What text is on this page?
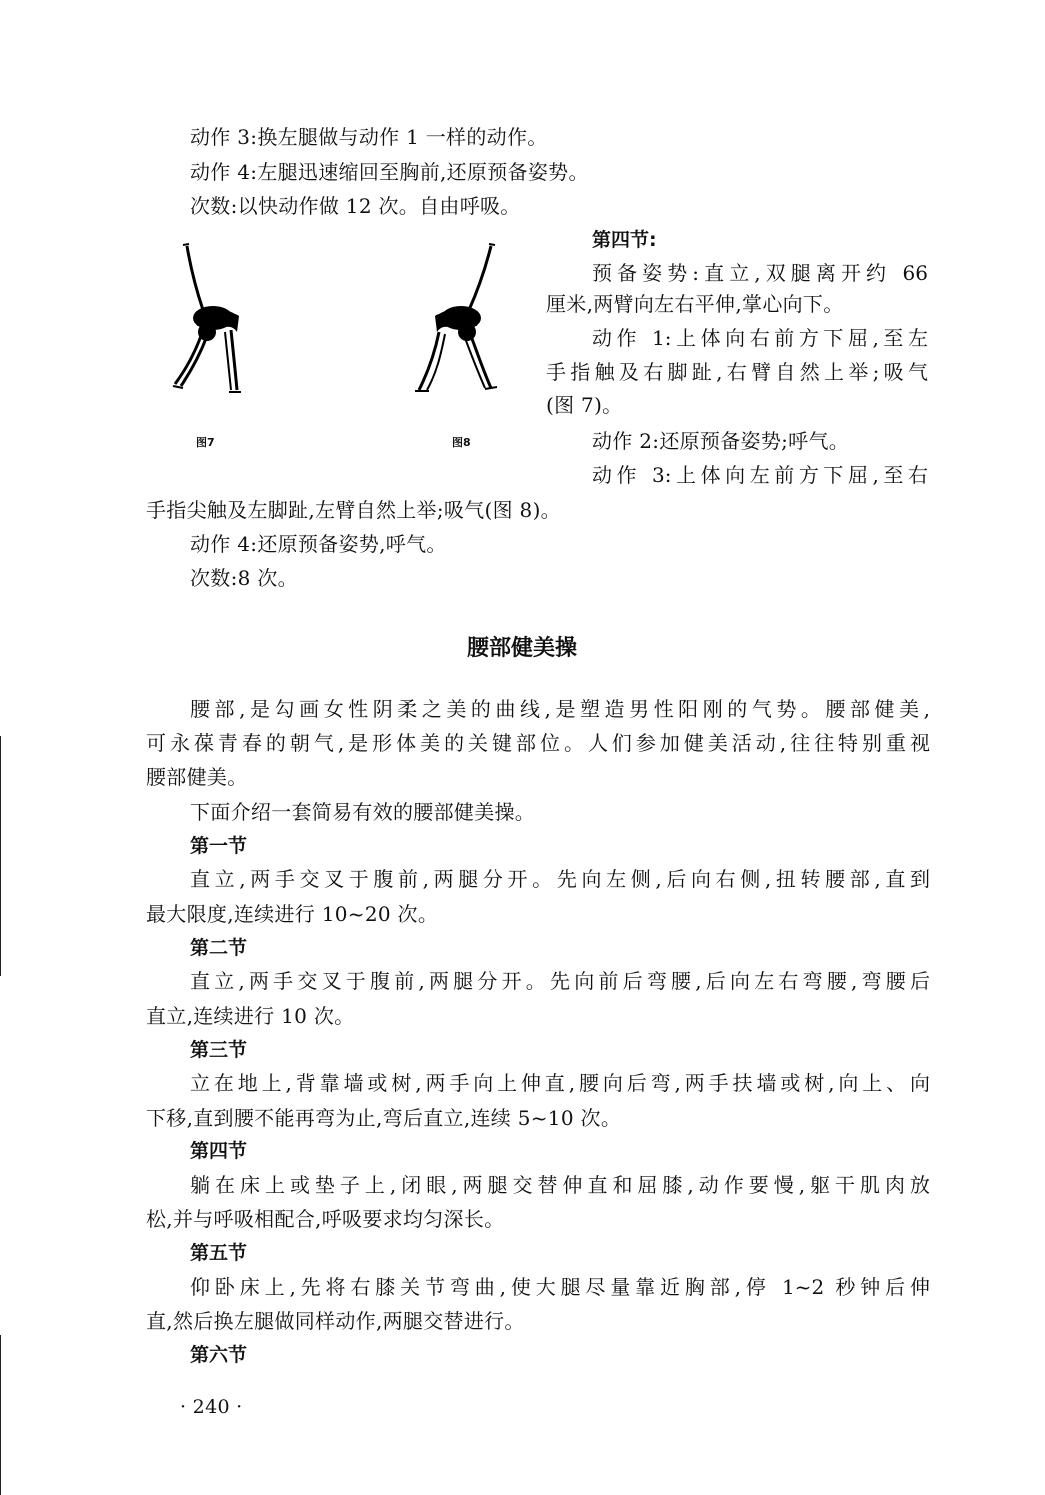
动作 3:换左腿做与动作 1 一样的动作。
动作 4:左腿迅速缩回至胸前,还原预备姿势。
次数:以快动作做 12 次。自由呼吸。
图7	图8
第四节:
预备姿势:直立,双腿离开约 66
厘米,两臂向左右平伸,掌心向下。
动作 1:上体向右前方下屈,至左
手指触及右脚趾,右臂自然上举;吸气
(图 7)。
动作 2:还原预备姿势;呼气。
动作 3:上体向左前方下屈,至右
手指尖触及左脚趾,左臂自然上举;吸气(图 8)。
动作 4:还原预备姿势,呼气。
次数:8 次。
腰部健美操
腰部,是勾画女性阴柔之美的曲线,是塑造男性阳刚的气势。腰部健美,
可永葆青春的朝气,是形体美的关键部位。人们参加健美活动,往往特别重视
腰部健美。
下面介绍一套简易有效的腰部健美操。
第一节
直立,两手交叉于腹前,两腿分开。先向左侧,后向右侧,扭转腰部,直到
最大限度,连续进行 10~20 次。
第二节
直立,两手交叉于腹前,两腿分开。先向前后弯腰,后向左右弯腰,弯腰后
直立,连续进行 10 次。
第三节
立在地上,背靠墙或树,两手向上伸直,腰向后弯,两手扶墙或树,向上、向
下移,直到腰不能再弯为止,弯后直立,连续 5~10 次。
第四节
躺在床上或垫子上,闭眼,两腿交替伸直和屈膝,动作要慢,躯干肌肉放
松,并与呼吸相配合,呼吸要求均匀深长。
第五节
仰卧床上,先将右膝关节弯曲,使大腿尽量靠近胸部,停 1~2 秒钟后伸
直,然后换左腿做同样动作,两腿交替进行。
第六节
· 240 ·
